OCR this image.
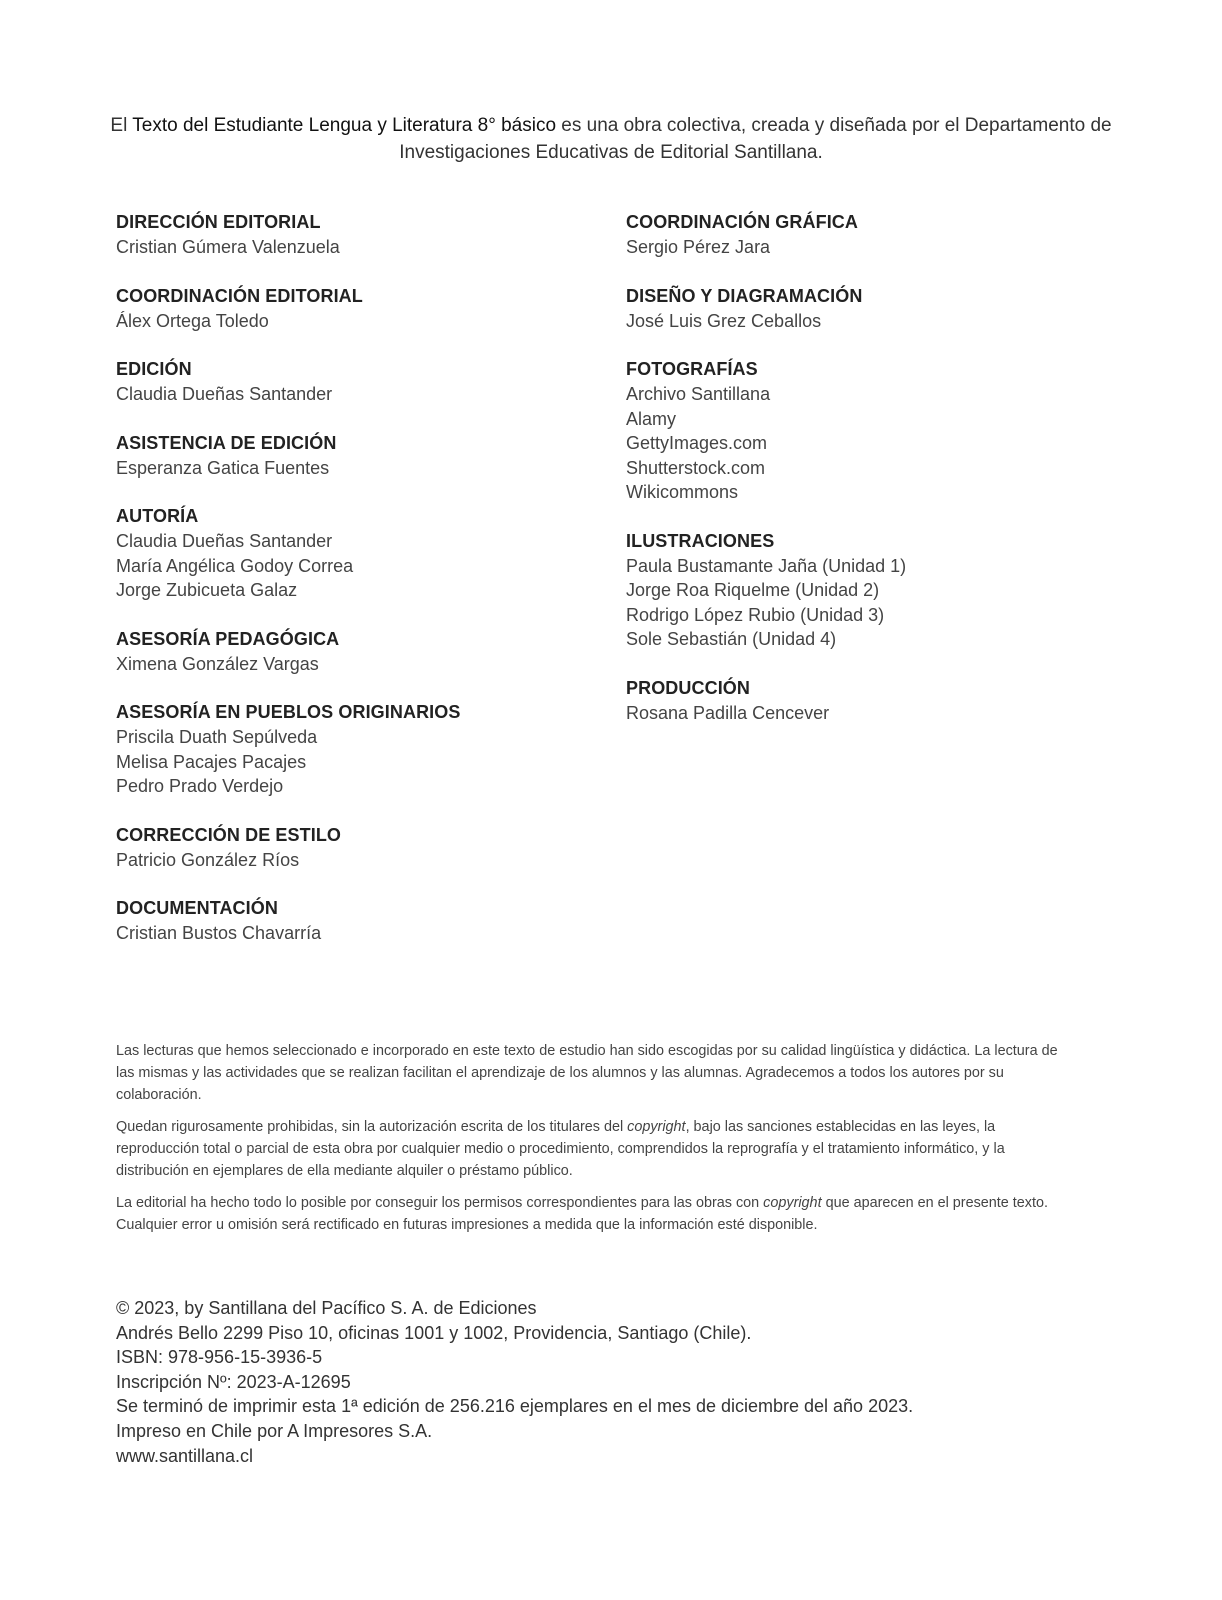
El Texto del Estudiante Lengua y Literatura 8° básico es una obra colectiva, creada y diseñada por el Departamento de Investigaciones Educativas de Editorial Santillana.
DIRECCIÓN EDITORIAL
Cristian Gúmera Valenzuela
COORDINACIÓN EDITORIAL
Álex Ortega Toledo
EDICIÓN
Claudia Dueñas Santander
ASISTENCIA DE EDICIÓN
Esperanza Gatica Fuentes
AUTORÍA
Claudia Dueñas Santander
María Angélica Godoy Correa
Jorge Zubicueta Galaz
ASESORÍA PEDAGÓGICA
Ximena González Vargas
ASESORÍA EN PUEBLOS ORIGINARIOS
Priscila Duath Sepúlveda
Melisa Pacajes Pacajes
Pedro Prado Verdejo
CORRECCIÓN DE ESTILO
Patricio González Ríos
DOCUMENTACIÓN
Cristian Bustos Chavarría
COORDINACIÓN GRÁFICA
Sergio Pérez Jara
DISEÑO Y DIAGRAMACIÓN
José Luis Grez Ceballos
FOTOGRAFÍAS
Archivo Santillana
Alamy
GettyImages.com
Shutterstock.com
Wikicommons
ILUSTRACIONES
Paula Bustamante Jaña (Unidad 1)
Jorge Roa Riquelme (Unidad 2)
Rodrigo López Rubio (Unidad 3)
Sole Sebastián (Unidad 4)
PRODUCCIÓN
Rosana Padilla Cencever

Las lecturas que hemos seleccionado e incorporado en este texto de estudio han sido escogidas por su calidad lingüística y didáctica. La lectura de las mismas y las actividades que se realizan facilitan el aprendizaje de los alumnos y las alumnas. Agradecemos a todos los autores por su colaboración.

Quedan rigurosamente prohibidas, sin la autorización escrita de los titulares del copyright, bajo las sanciones establecidas en las leyes, la reproducción total o parcial de esta obra por cualquier medio o procedimiento, comprendidos la reprografía y el tratamiento informático, y la distribución en ejemplares de ella mediante alquiler o préstamo público.

La editorial ha hecho todo lo posible por conseguir los permisos correspondientes para las obras con copyright que aparecen en el presente texto. Cualquier error u omisión será rectificado en futuras impresiones a medida que la información esté disponible.

© 2023, by Santillana del Pacífico S. A. de Ediciones
Andrés Bello 2299 Piso 10, oficinas 1001 y 1002, Providencia, Santiago (Chile).
ISBN: 978-956-15-3936-5
Inscripción Nº: 2023-A-12695
Se terminó de imprimir esta 1ª edición de 256.216 ejemplares en el mes de diciembre del año 2023.
Impreso en Chile por A Impresores S.A.
www.santillana.cl
